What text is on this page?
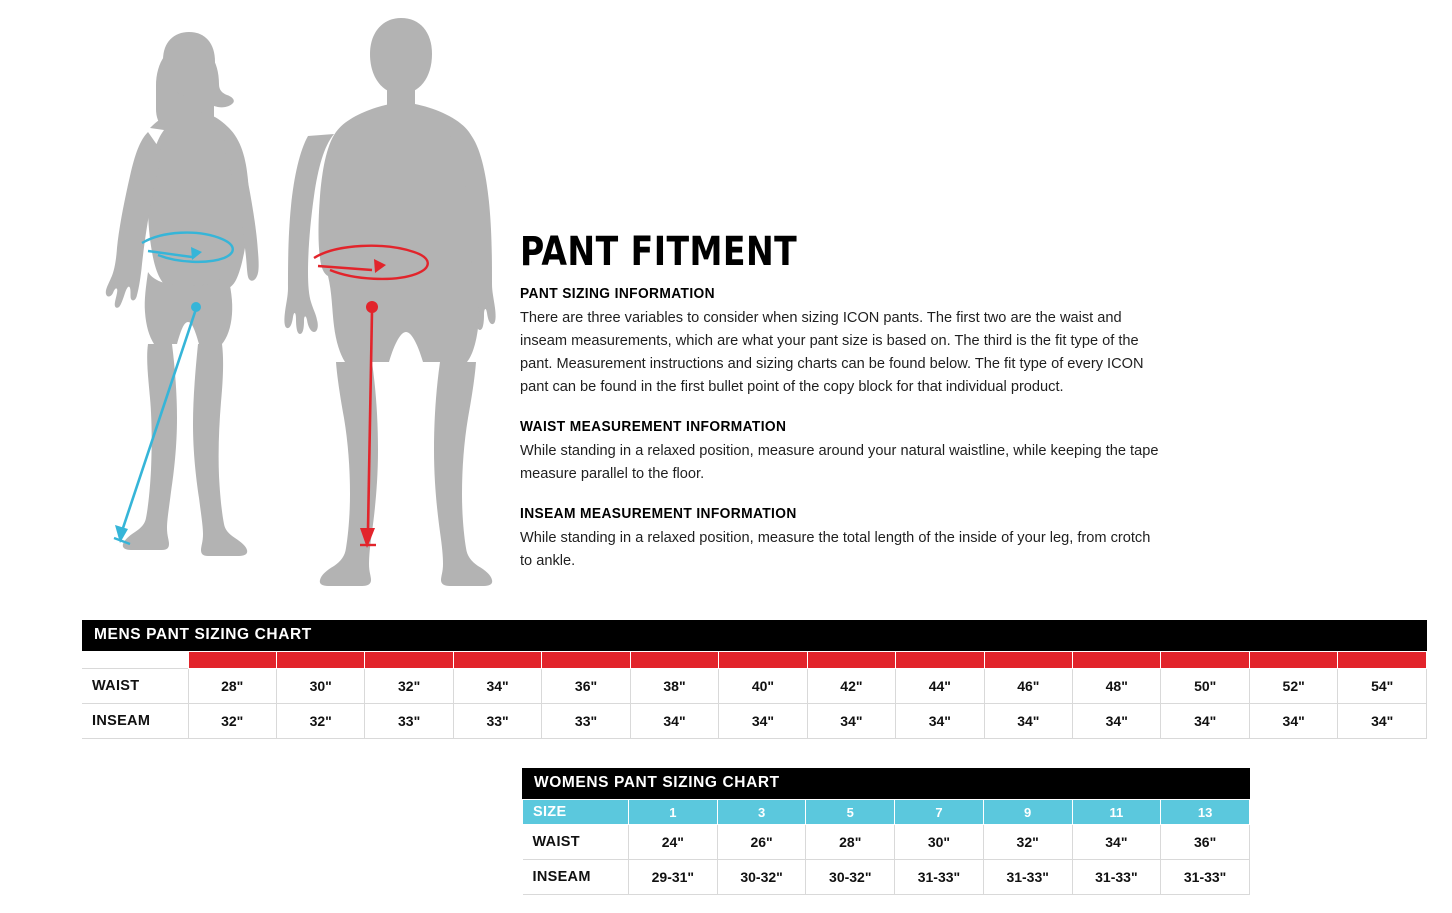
PANT FITMENT
PANT SIZING INFORMATION

There are three variables to consider when sizing ICON pants. The first two are the waist and inseam measurements, which are what your pant size is based on. The third is the fit type of the pant. Measurement instructions and sizing charts can be found below. The fit type of every ICON pant can be found in the first bullet point of the copy block for that individual product.

WAIST MEASUREMENT INFORMATION

While standing in a relaxed position, measure around your natural waistline, while keeping the tape measure parallel to the floor.

INSEAM MEASUREMENT INFORMATION

While standing in a relaxed position, measure the total length of the inside of your leg, from crotch to ankle.

MENS PANT SIZING CHART

WAIST	28"	30"	32"	34"	36"	38"	40"	42"	44"	46"	48"	50"	52"	54"
INSEAM	32"	32"	33"	33"	33"	34"	34"	34"	34"	34"	34"	34"	34"	34"
WOMENS PANT SIZING CHART
SIZE	1	3	5	7	9	11	13
WAIST	24"	26"	28"	30"	32"	34"	36"
INSEAM	29-31"	30-32"	30-32"	31-33"	31-33"	31-33"	31-33"
